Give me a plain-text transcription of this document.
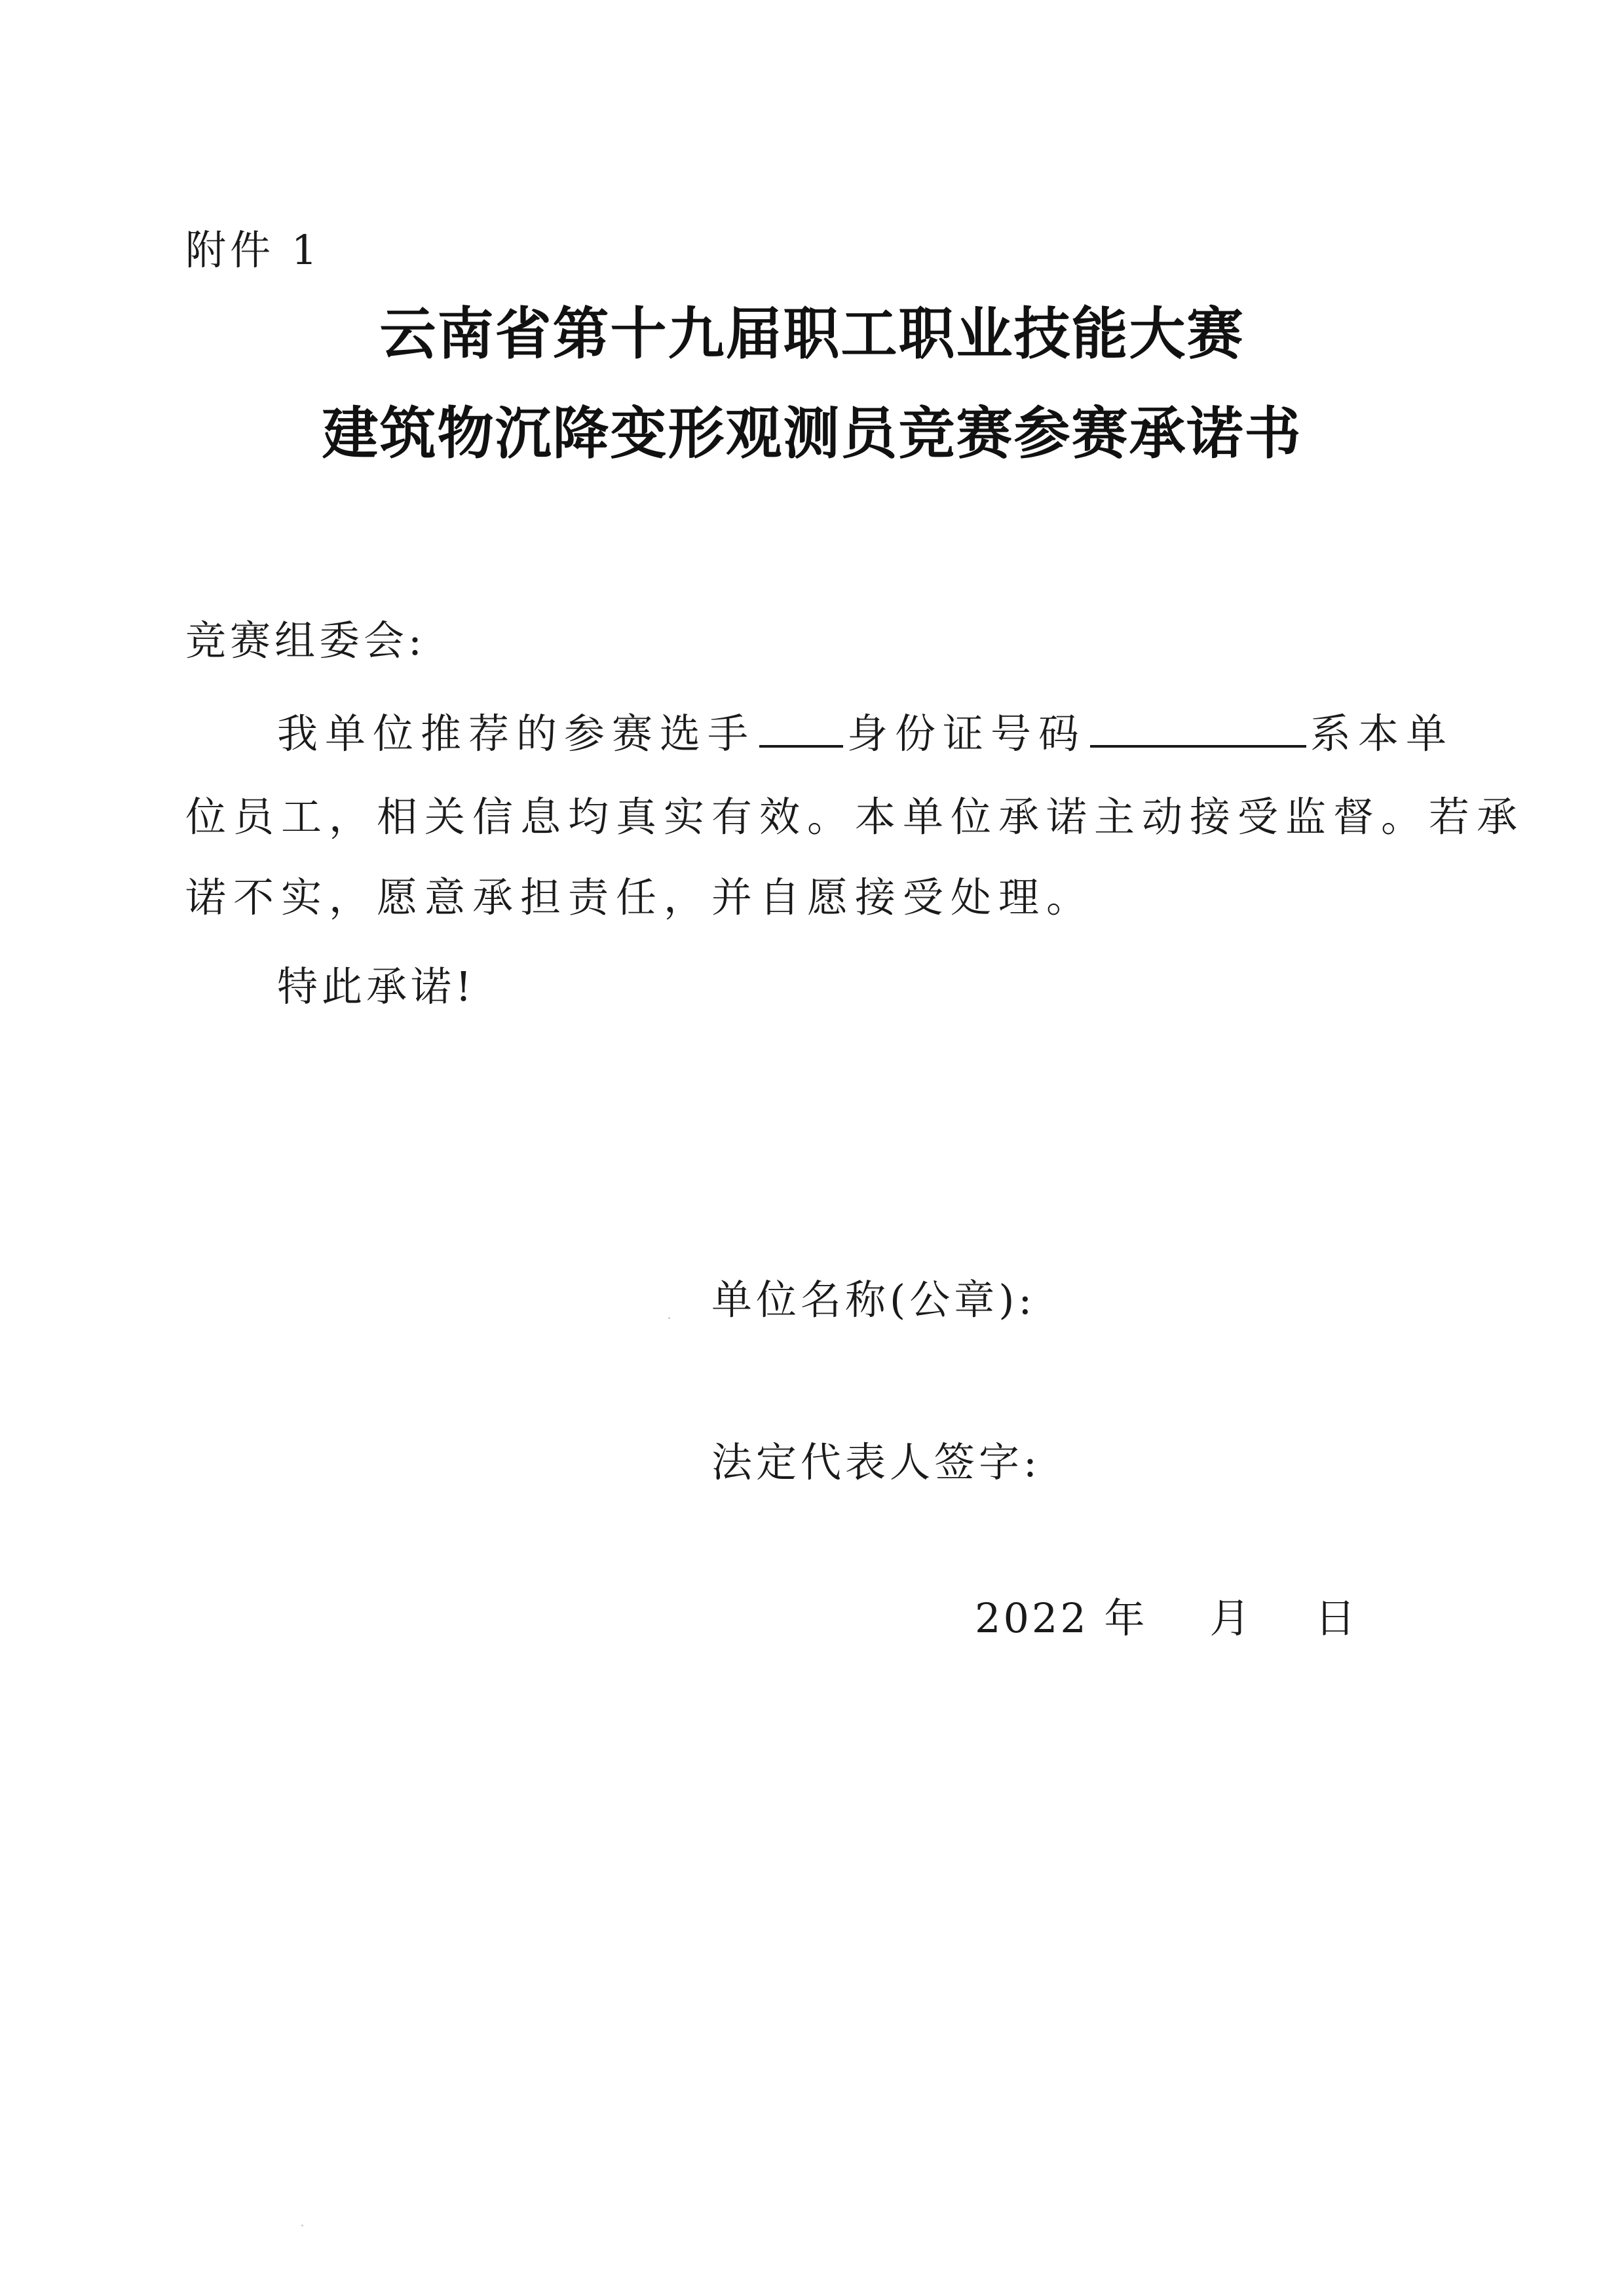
附件 1
云南省第十九届职工职业技能大赛
建筑物沉降变形观测员竞赛参赛承诺书
竞赛组委会:
我单位推荐的参赛选手 身份证号码	系本单
位员工，相关信息均真实有效。本单位承诺主动接受监督。若承
诺不实，愿意承担责任，并自愿接受处理。
特此承诺!
单位名称(公章):
法定代表人签字:
2022 年    月    日
